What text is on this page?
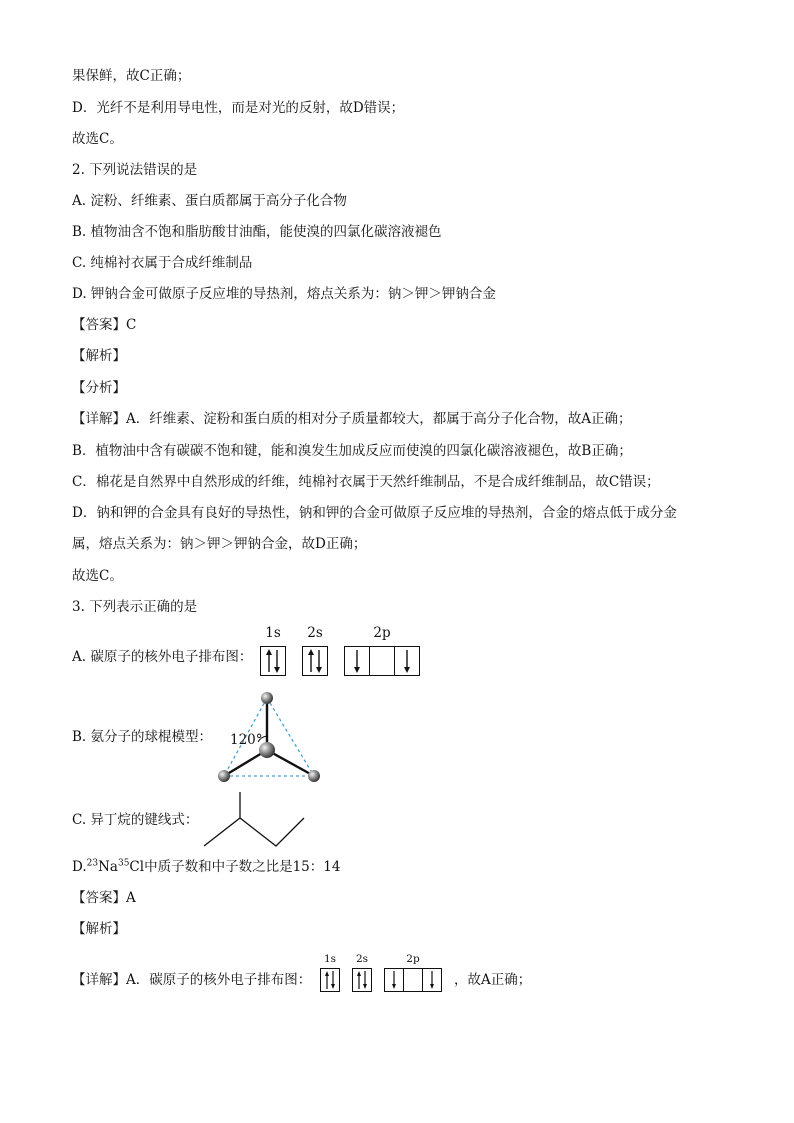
果保鲜，故C正确；
D．光纤不是利用导电性，而是对光的反射，故D错误；
故选C。
2. 下列说法错误的是
A. 淀粉、纤维素、蛋白质都属于高分子化合物
B. 植物油含不饱和脂肪酸甘油酯，能使溴的四氯化碳溶液褪色
C. 纯棉衬衣属于合成纤维制品
D. 钾钠合金可做原子反应堆的导热剂，熔点关系为：钠＞钾＞钾钠合金
【答案】C
【解析】
【分析】
【详解】A．纤维素、淀粉和蛋白质的相对分子质量都较大，都属于高分子化合物，故A正确；
B．植物油中含有碳碳不饱和键，能和溴发生加成反应而使溴的四氯化碳溶液褪色，故B正确；
C．棉花是自然界中自然形成的纤维，纯棉衬衣属于天然纤维制品，不是合成纤维制品，故C错误；
D．钠和钾的合金具有良好的导热性，钠和钾的合金可做原子反应堆的导热剂，合金的熔点低于成分金
属，熔点关系为：钠＞钾＞钾钠合金，故D正确；
故选C。
3. 下列表示正确的是
A. 碳原子的核外电子排布图：
1s 2s	2p
B. 氨分子的球棍模型： 120°
C. 异丁烷的键线式：
D.$^{23}$Na$^{35}$Cl中质子数和中子数之比是15：14
【答案】A
【解析】
【详解】A．碳原子的核外电子排布图：
1s 2s	2p
，故A正确；
